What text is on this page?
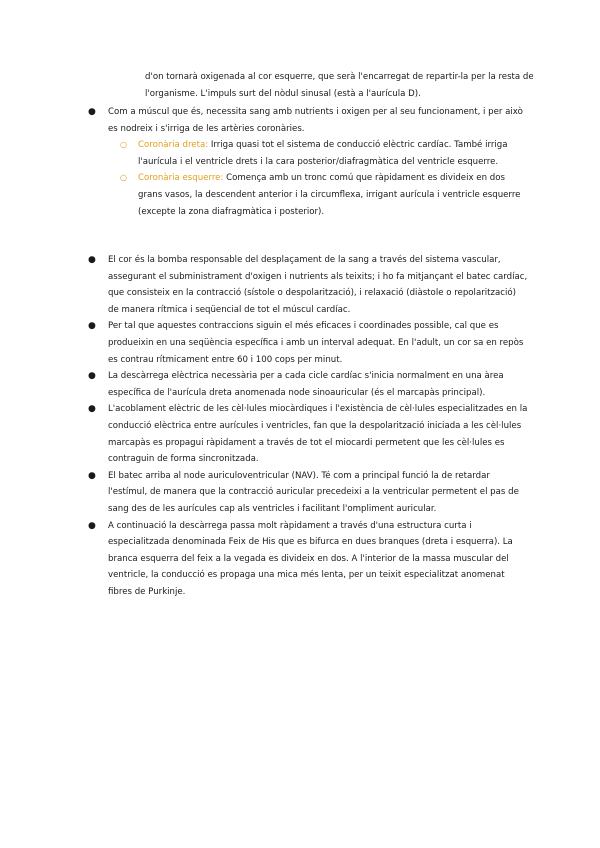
d'on tornarà oxigenada al cor esquerre, que serà l'encarregat de repartir-la per la resta de l'organisme. L'impuls surt del nòdul sinusal (està a l'aurícula D).

● Com a múscul que és, necessita sang amb nutrients i oxigen per al seu funcionament, i per això es nodreix i s'irriga de les artèries coronàries.

○ Coronària dreta: Irriga quasi tot el sistema de conducció elèctric cardíac. També irriga l'aurícula i el ventricle drets i la cara posterior/diafragmàtica del ventricle esquerre.

○ Coronària esquerre: Comença amb un tronc comú que ràpidament es divideix en dos grans vasos, la descendent anterior i la circumflexa, irrigant aurícula i ventricle esquerre (excepte la zona diafragmàtica i posterior).

● El cor és la bomba responsable del desplaçament de la sang a través del sistema vascular, assegurant el subministrament d'oxigen i nutrients als teixits; i ho fa mitjançant el batec cardíac, que consisteix en la contracció (sístole o despolarització), i relaxació (diàstole o repolarització) de manera rítmica i seqüencial de tot el múscul cardíac.

● Per tal que aquestes contraccions siguin el més eficaces i coordinades possible, cal que es produeixin en una seqüència específica i amb un interval adequat. En l'adult, un cor sa en repòs es contrau rítmicament entre 60 i 100 cops per minut.

● La descàrrega elèctrica necessària per a cada cicle cardíac s'inicia normalment en una àrea específica de l'aurícula dreta anomenada node sinoauricular (és el marcapàs principal).

● L'acoblament elèctric de les cèl·lules miocàrdiques i l'existència de cèl·lules especialitzades en la conducció elèctrica entre aurícules i ventricles, fan que la despolarització iniciada a les cèl·lules marcapàs es propagui ràpidament a través de tot el miocardi permetent que les cèl·lules es contraguin de forma sincronitzada.

● El batec arriba al node auriculoventricular (NAV). Té com a principal funció la de retardar l'estímul, de manera que la contracció auricular precedeixi a la ventricular permetent el pas de sang des de les aurícules cap als ventricles i facilitant l'ompliment auricular.

● A continuació la descàrrega passa molt ràpidament a través d'una estructura curta i especialitzada denominada Feix de His que es bifurca en dues branques (dreta i esquerra). La branca esquerra del feix a la vegada es divideix en dos. A l'interior de la massa muscular del ventricle, la conducció es propaga una mica més lenta, per un teixit especialitzat anomenat fibres de Purkinje.
